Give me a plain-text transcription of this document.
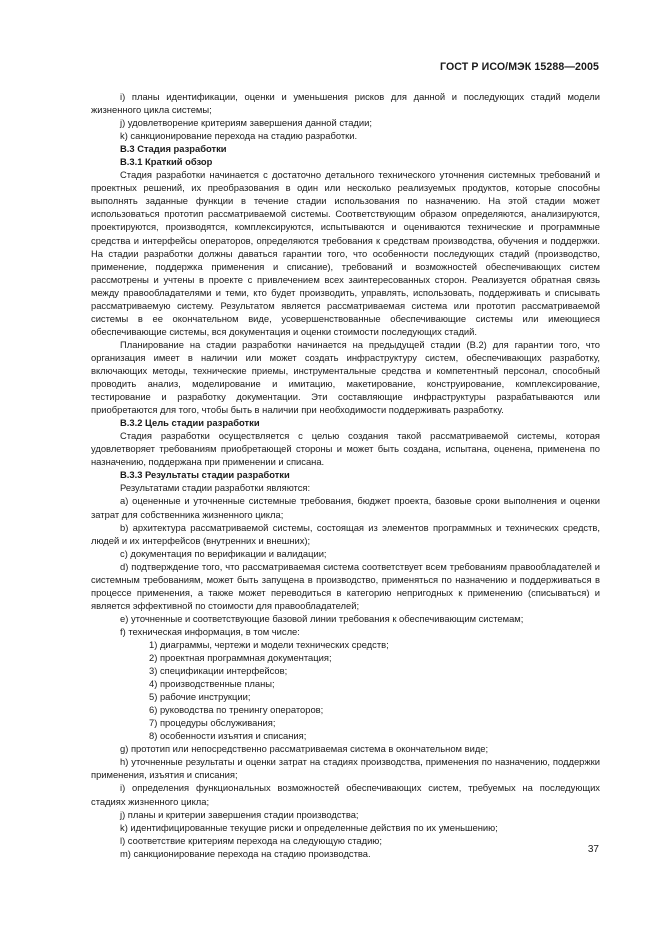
ГОСТ Р ИСО/МЭК 15288—2005

i) планы идентификации, оценки и уменьшения рисков для данной и последующих стадий модели жизненного цикла системы;

j) удовлетворение критериям завершения данной стадии;

k) санкционирование перехода на стадию разработки.

В.3 Стадия разработки

В.3.1 Краткий обзор

Стадия разработки начинается с достаточно детального технического уточнения системных требований и проектных решений, их преобразования в один или несколько реализуемых продуктов, которые способны выполнять заданные функции в течение стадии использования по назначению. На этой стадии может использоваться прототип рассматриваемой системы. Соответствующим образом определяются, анализируются, проектируются, производятся, комплексируются, испытываются и оцениваются технические и программные средства и интерфейсы операторов, определяются требования к средствам производства, обучения и поддержки. На стадии разработки должны даваться гарантии того, что особенности последующих стадий (производство, применение, поддержка применения и списание), требований и возможностей обеспечивающих систем рассмотрены и учтены в проекте с привлечением всех заинтересованных сторон. Реализуется обратная связь между правообладателями и теми, кто будет производить, управлять, использовать, поддерживать и списывать рассматриваемую систему. Результатом является рассматриваемая система или прототип рассматриваемой системы в ее окончательном виде, усовершенствованные обеспечивающие системы или имеющиеся обеспечивающие системы, вся документация и оценки стоимости последующих стадий.

Планирование на стадии разработки начинается на предыдущей стадии (В.2) для гарантии того, что организация имеет в наличии или может создать инфраструктуру систем, обеспечивающих разработку, включающих методы, технические приемы, инструментальные средства и компетентный персонал, способный проводить анализ, моделирование и имитацию, макетирование, конструирование, комплексирование, тестирование и разработку документации. Эти составляющие инфраструктуры разрабатываются или приобретаются для того, чтобы быть в наличии при необходимости поддерживать разработку.

В.3.2 Цель стадии разработки

Стадия разработки осуществляется с целью создания такой рассматриваемой системы, которая удовлетворяет требованиям приобретающей стороны и может быть создана, испытана, оценена, применена по назначению, поддержана при применении и списана.

В.3.3 Результаты стадии разработки

Результатами стадии разработки являются:

a) оцененные и уточненные системные требования, бюджет проекта, базовые сроки выполнения и оценки затрат для собственника жизненного цикла;

b) архитектура рассматриваемой системы, состоящая из элементов программных и технических средств, людей и их интерфейсов (внутренних и внешних);

c) документация по верификации и валидации;

d) подтверждение того, что рассматриваемая система соответствует всем требованиям правообладателей и системным требованиям, может быть запущена в производство, применяться по назначению и поддерживаться в процессе применения, а также может переводиться в категорию непригодных к применению (списываться) и является эффективной по стоимости для правообладателей;

e) уточненные и соответствующие базовой линии требования к обеспечивающим системам;

f) техническая информация, в том числе:

1) диаграммы, чертежи и модели технических средств;

2) проектная программная документация;

3) спецификации интерфейсов;

4) производственные планы;

5) рабочие инструкции;

6) руководства по тренингу операторов;

7) процедуры обслуживания;

8) особенности изъятия и списания;

g) прототип или непосредственно рассматриваемая система в окончательном виде;

h) уточненные результаты и оценки затрат на стадиях производства, применения по назначению, поддержки применения, изъятия и списания;

i) определения функциональных возможностей обеспечивающих систем, требуемых на последующих стадиях жизненного цикла;

j) планы и критерии завершения стадии производства;

k) идентифицированные текущие риски и определенные действия по их уменьшению;

l) соответствие критериям перехода на следующую стадию;

m) санкционирование перехода на стадию производства.	37
